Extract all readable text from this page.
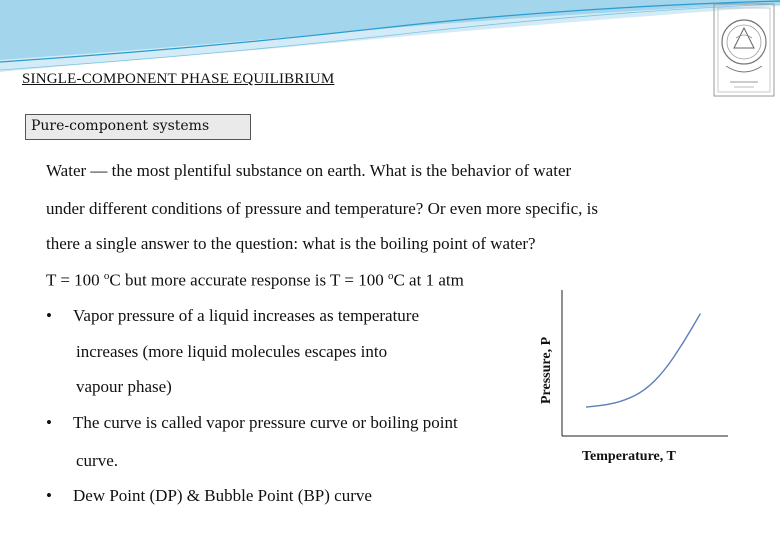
SINGLE-COMPONENT PHASE EQUILIBRIUM
Pure-component systems
Water — the most plentiful substance on earth. What is the behavior of water
under different conditions of pressure and temperature? Or even more specific, is
there a single answer to the question: what is the boiling point of water?
T = 100 $^o$C but more accurate response is T = 100 $^o$C at 1 atm
• Vapor pressure of a liquid increases as temperature
increases (more liquid molecules escapes into
vapour phase)
• The curve is called vapor pressure curve or boiling point
curve.
• Dew Point (DP) & Bubble Point (BP) curve
Pressure, P
Temperature, T
